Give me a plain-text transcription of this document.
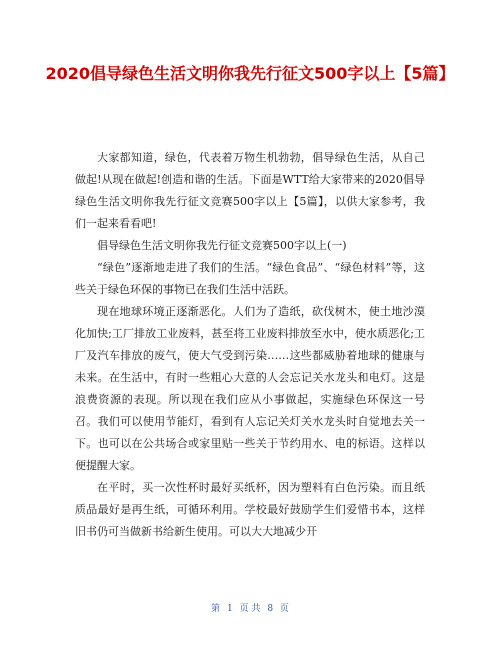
2020倡导绿色生活文明你我先行征文500字以上【5篇】

大家都知道，绿色，代表着万物生机勃勃，倡导绿色生活，从自己做起!从现在做起!创造和谐的生活。下面是WTT给大家带来的2020倡导绿色生活文明你我先行征文竞赛500字以上【5篇】，以供大家参考，我们一起来看看吧!

倡导绿色生活文明你我先行征文竞赛500字以上(一)

“绿色”逐渐地走进了我们的生活。“绿色食品”、“绿色材料”等，这些关于绿色环保的事物已在我们生活中活跃。

现在地球环境正逐渐恶化。人们为了造纸，砍伐树木，使土地沙漠化加快;工厂排放工业废料，甚至将工业废料排放至水中，使水质恶化;工厂及汽车排放的废气，使大气受到污染……这些都威胁着地球的健康与未来。在生活中，有时一些粗心大意的人会忘记关水龙头和电灯。这是浪费资源的表现。所以现在我们应从小事做起，实施绿色环保这一号召。我们可以使用节能灯，看到有人忘记关灯关水龙头时自觉地去关一下。也可以在公共场合或家里贴一些关于节约用水、电的标语。这样以便提醒大家。

在平时，买一次性杯时最好买纸杯，因为塑料有白色污染。而且纸质品最好是再生纸，可循环利用。学校最好鼓励学生们爱惜书本，这样旧书仍可当做新书给新生使用。可以大大地减少开

第 1 页 共 8 页
